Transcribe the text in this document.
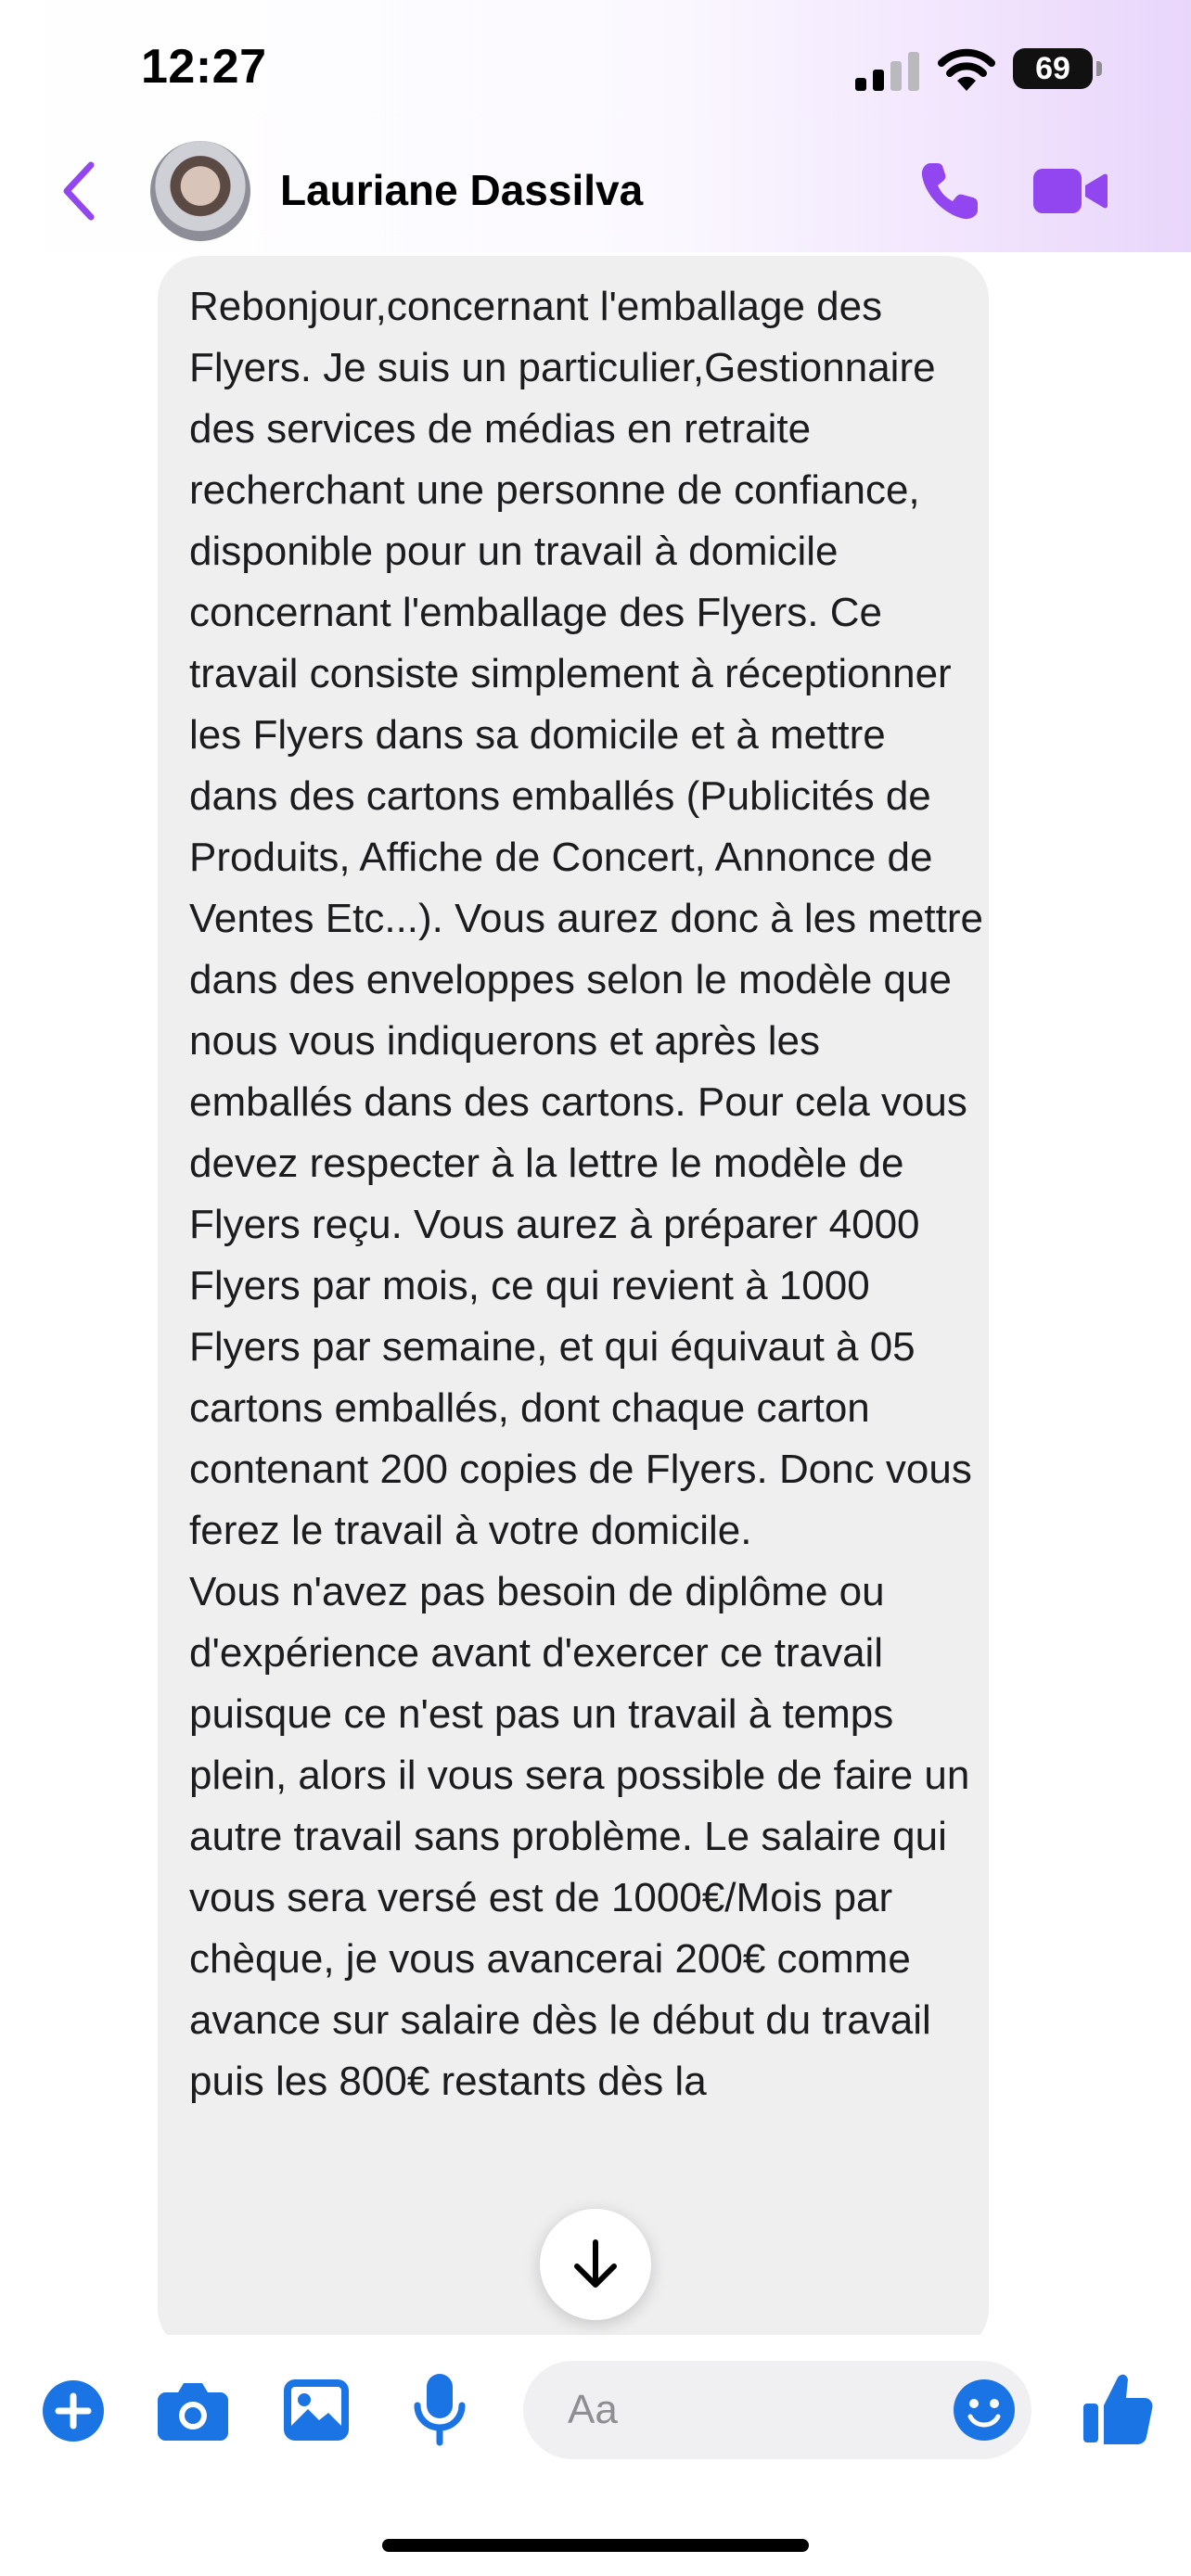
Rebonjour,concernant l'emballage des Flyers. Je suis un particulier,Gestionnaire des services de médias en retraite recherchant une personne de confiance, disponible pour un travail à domicile concernant l'emballage des Flyers. Ce travail consiste simplement à réceptionner les Flyers dans sa domicile et à mettre dans des cartons emballés (Publicités de Produits, Affiche de Concert, Annonce de Ventes Etc...). Vous aurez donc à les mettre dans des enveloppes selon le modèle que nous vous indiquerons et après les emballés dans des cartons. Pour cela vous devez respecter à la lettre le modèle de Flyers reçu. Vous aurez à préparer 4000 Flyers par mois, ce qui revient à 1000 Flyers par semaine, et qui équivaut à 05 cartons emballés, dont chaque carton contenant 200 copies de Flyers. Donc vous ferez le travail à votre domicile.
Vous n'avez pas besoin de diplôme ou d'expérience avant d'exercer ce travail puisque ce n'est pas un travail à temps plein, alors il vous sera possible de faire un autre travail sans problème. Le salaire qui vous sera versé est de 1000€/Mois par chèque, je vous avancerai 200€ comme avance sur salaire dès le début du travail puis les 800€ restants dès la

12:27	69
Lauriane Dassilva
Aa
